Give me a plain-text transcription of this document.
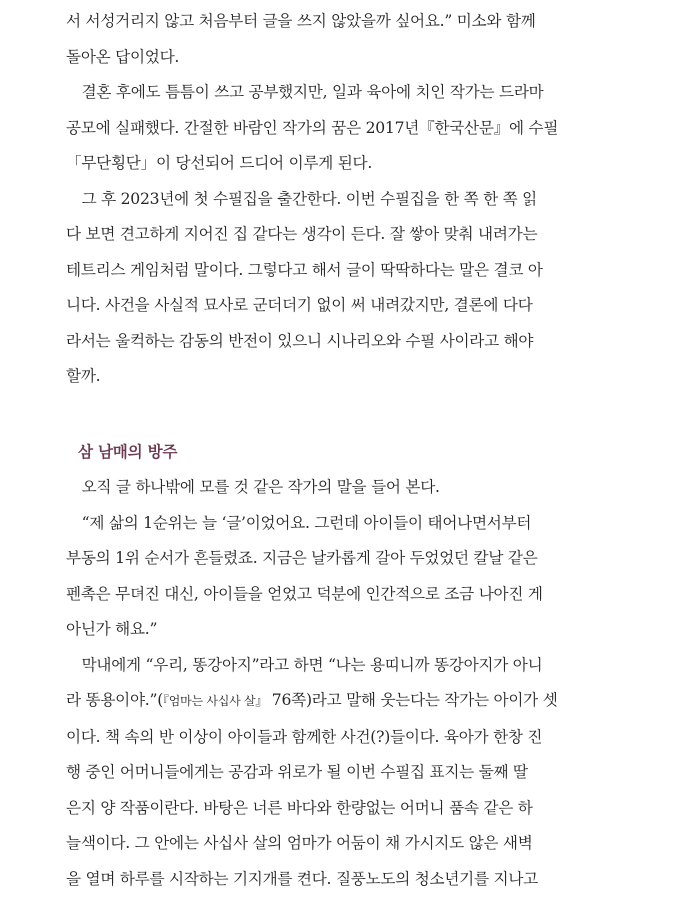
서 서성거리지 않고 처음부터 글을 쓰지 않았을까 싶어요.” 미소와 함께
돌아온 답이었다.

결혼 후에도 틈틈이 쓰고 공부했지만, 일과 육아에 치인 작가는 드라마
공모에 실패했다. 간절한 바람인 작가의 꿈은 2017년『한국산문』에 수필
「무단횡단」이 당선되어 드디어 이루게 된다.

그 후 2023년에 첫 수필집을 출간한다. 이번 수필집을 한 쪽 한 쪽 읽
다 보면 견고하게 지어진 집 같다는 생각이 든다. 잘 쌓아 맞춰 내려가는
테트리스 게임처럼 말이다. 그렇다고 해서 글이 딱딱하다는 말은 결코 아
니다. 사건을 사실적 묘사로 군더더기 없이 써 내려갔지만, 결론에 다다
라서는 울컥하는 감동의 반전이 있으니 시나리오와 수필 사이라고 해야
할까.

삼 남매의 방주

오직 글 하나밖에 모를 것 같은 작가의 말을 들어 본다.

“제 삶의 1순위는 늘 ‘글’이었어요. 그런데 아이들이 태어나면서부터
부동의 1위 순서가 흔들렸죠. 지금은 날카롭게 갈아 두었었던 칼날 같은
펜촉은 무뎌진 대신, 아이들을 얻었고 덕분에 인간적으로 조금 나아진 게
아닌가 해요.”

막내에게 “우리, 똥강아지”라고 하면 “나는 용띠니까 똥강아지가 아니
라 똥용이야.”(『엄마는 사십사 살』 76쪽)라고 말해 웃는다는 작가는 아이가 셋
이다. 책 속의 반 이상이 아이들과 함께한 사건(?)들이다. 육아가 한창 진
행 중인 어머니들에게는 공감과 위로가 될 이번 수필집 표지는 둘째 딸
은지 양 작품이란다. 바탕은 너른 바다와 한량없는 어머니 품속 같은 하
늘색이다. 그 안에는 사십사 살의 엄마가 어둠이 채 가시지도 않은 새벽
을 열며 하루를 시작하는 기지개를 켠다. 질풍노도의 청소년기를 지나고
